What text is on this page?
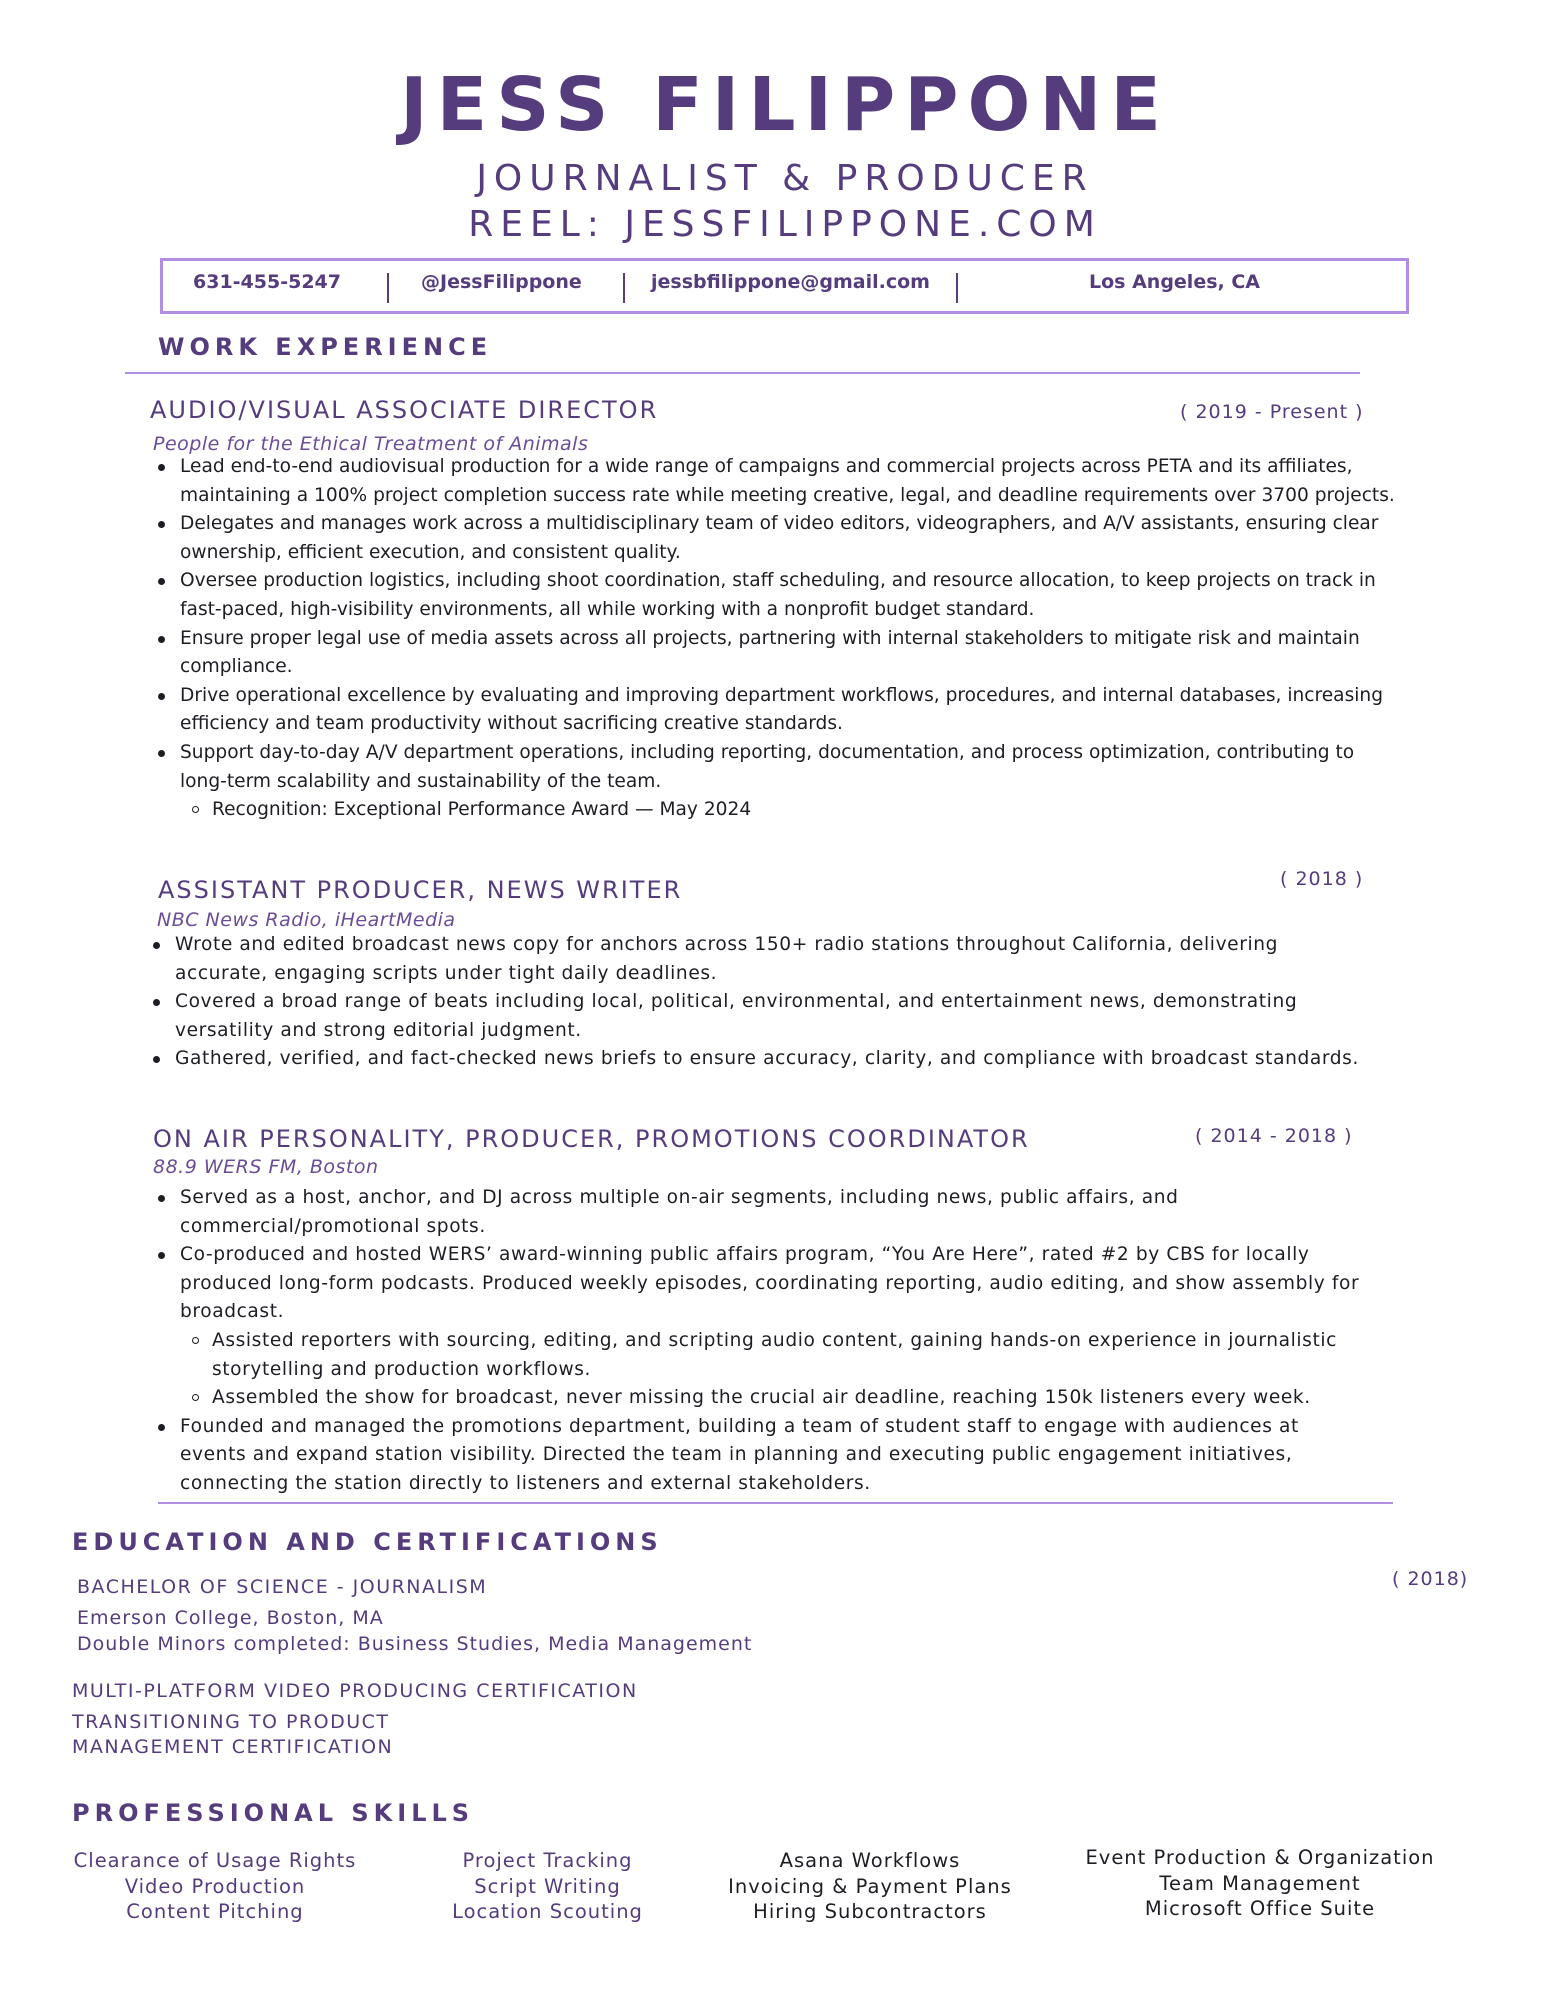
JESS FILIPPONE
JOURNALIST & PRODUCER
REEL: JESSFILIPPONE.COM
631-455-5247	@JessFilippone	jessbfilippone@gmail.com	Los Angeles, CA
WORK EXPERIENCE
AUDIO/VISUAL ASSOCIATE DIRECTOR	( 2019 - Present )
People for the Ethical Treatment of Animals
Lead end-to-end audiovisual production for a wide range of campaigns and commercial projects across PETA and its affiliates, maintaining a 100% project completion success rate while meeting creative, legal, and deadline requirements over 3700 projects.
Delegates and manages work across a multidisciplinary team of video editors, videographers, and A/V assistants, ensuring clear ownership, efficient execution, and consistent quality.
Oversee production logistics, including shoot coordination, staff scheduling, and resource allocation, to keep projects on track in fast-paced, high-visibility environments, all while working with a nonprofit budget standard.
Ensure proper legal use of media assets across all projects, partnering with internal stakeholders to mitigate risk and maintain compliance.
Drive operational excellence by evaluating and improving department workflows, procedures, and internal databases, increasing efficiency and team productivity without sacrificing creative standards.
Support day-to-day A/V department operations, including reporting, documentation, and process optimization, contributing to long-term scalability and sustainability of the team.
Recognition: Exceptional Performance Award — May 2024
ASSISTANT PRODUCER, NEWS WRITER	( 2018 )
NBC News Radio, iHeartMedia
Wrote and edited broadcast news copy for anchors across 150+ radio stations throughout California, delivering accurate, engaging scripts under tight daily deadlines.
Covered a broad range of beats including local, political, environmental, and entertainment news, demonstrating versatility and strong editorial judgment.
Gathered, verified, and fact-checked news briefs to ensure accuracy, clarity, and compliance with broadcast standards.
ON AIR PERSONALITY, PRODUCER, PROMOTIONS COORDINATOR	( 2014 - 2018 )
88.9 WERS FM, Boston
Served as a host, anchor, and DJ across multiple on-air segments, including news, public affairs, and commercial/promotional spots.
Co-produced and hosted WERS’ award-winning public affairs program, “You Are Here”, rated #2 by CBS for locally produced long-form podcasts. Produced weekly episodes, coordinating reporting, audio editing, and show assembly for broadcast.
Assisted reporters with sourcing, editing, and scripting audio content, gaining hands-on experience in journalistic storytelling and production workflows.
Assembled the show for broadcast, never missing the crucial air deadline, reaching 150k listeners every week.
Founded and managed the promotions department, building a team of student staff to engage with audiences at events and expand station visibility. Directed the team in planning and executing public engagement initiatives, connecting the station directly to listeners and external stakeholders.
EDUCATION AND CERTIFICATIONS
BACHELOR OF SCIENCE - JOURNALISM	( 2018)
Emerson College, Boston, MA
Double Minors completed: Business Studies, Media Management
MULTI-PLATFORM VIDEO PRODUCING CERTIFICATION
TRANSITIONING TO PRODUCT
MANAGEMENT CERTIFICATION
PROFESSIONAL SKILLS
Clearance of Usage Rights
Video Production
Content Pitching
Project Tracking
Script Writing
Location Scouting
Asana Workflows
Invoicing & Payment Plans
Hiring Subcontractors
Event Production & Organization
Team Management
Microsoft Office Suite
